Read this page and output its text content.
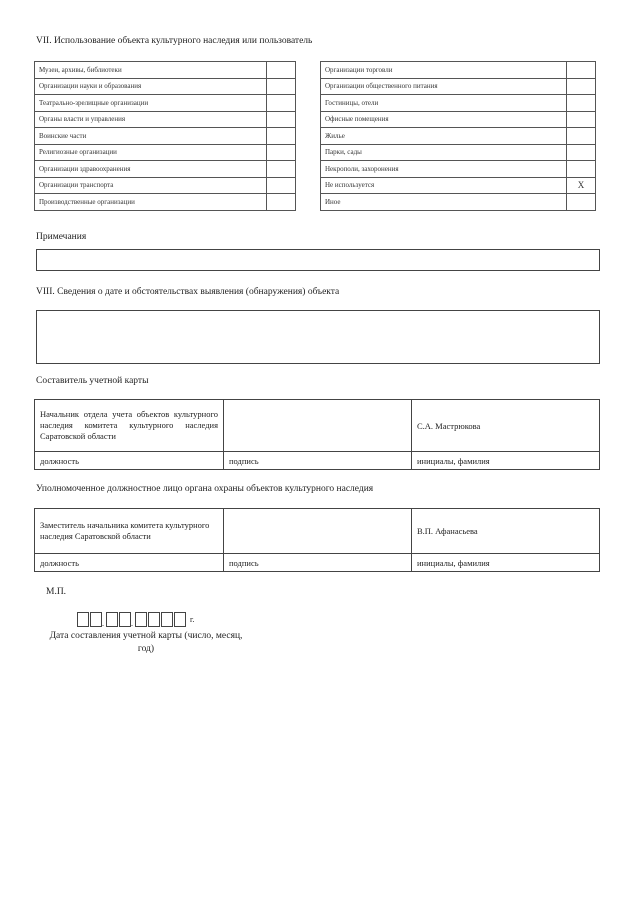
VII. Использование объекта культурного наследия или пользователь
Музеи, архивы, библиотеки	
Организации науки и образования	
Театрально-зрелищные организации	
Органы власти и управления	
Воинские части	
Религиозные организации	
Организации здравоохранения	
Организации транспорта	
Производственные организации	
Организации торговли	
Организации общественного питания	
Гостиницы, отели	
Офисные помещения	
Жилье	
Парки, сады	
Некрополи, захоронения	
Не используется	X
Иное	
Примечания
VIII. Сведения о дате и обстоятельствах выявления (обнаружения) объекта
Составитель учетной карты
Начальник отдела учета объектов культурного наследия комитета культурного наследия Саратовской области		С.А. Мастрюкова
должность	подпись	инициалы, фамилия
Уполномоченное должностное лицо органа охраны объектов культурного наследия
Заместитель начальника комитета культурного наследия Саратовской области		В.П. Афанасьева
должность	подпись	инициалы, фамилия
М.П.
.	.	г.
Дата составления учетной карты (число, месяц,
год)
